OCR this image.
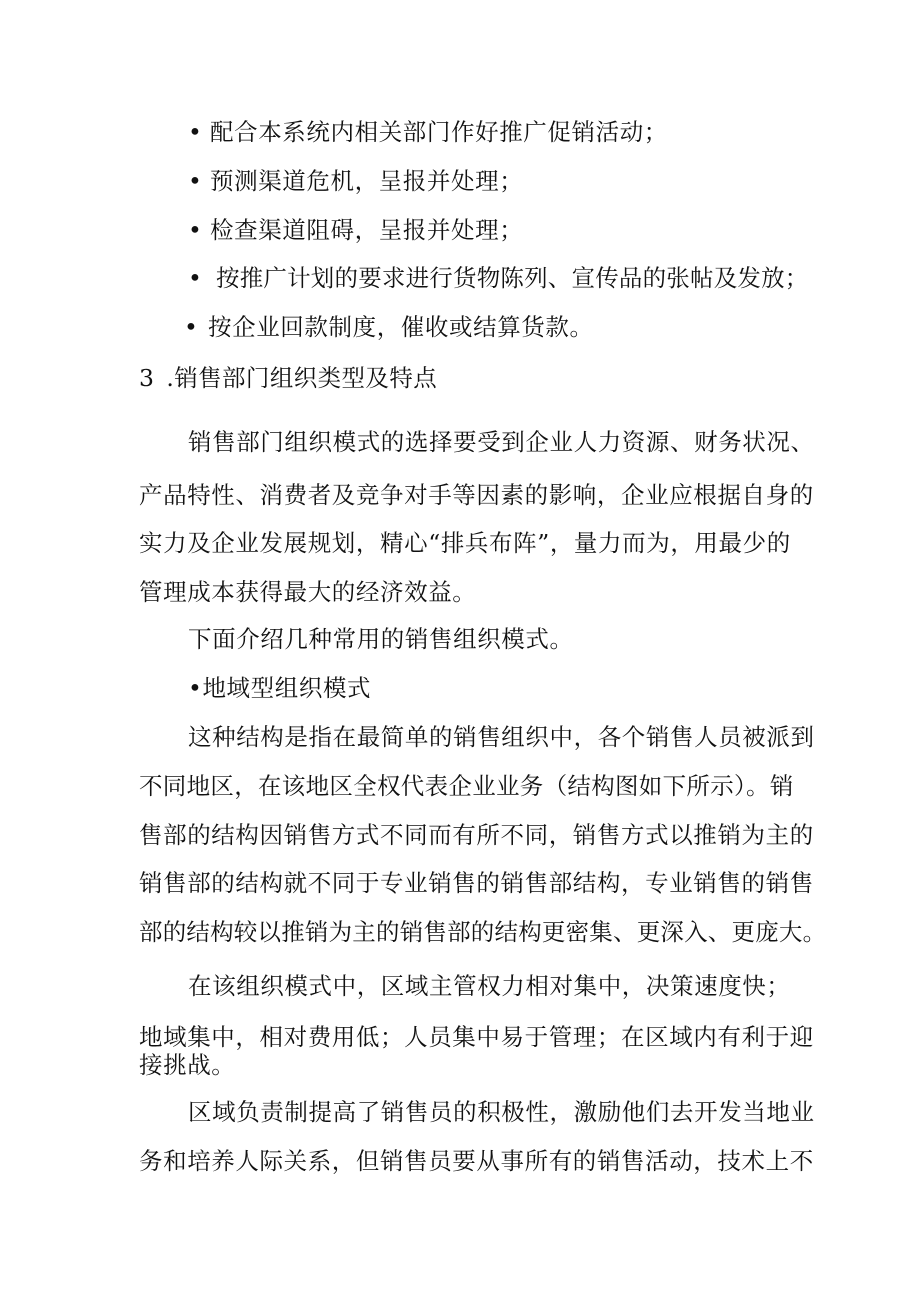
• 配合本系统内相关部门作好推广促销活动；
• 预测渠道危机，呈报并处理；
• 检查渠道阻碍，呈报并处理；
• 按推广计划的要求进行货物陈列、宣传品的张帖及发放；
• 按企业回款制度，催收或结算货款。
3 .销售部门组织类型及特点
销售部门组织模式的选择要受到企业人力资源、财务状况、
产品特性、消费者及竞争对手等因素的影响，企业应根据自身的
实力及企业发展规划，精心“排兵布阵”，量力而为，用最少的
管理成本获得最大的经济效益。
下面介绍几种常用的销售组织模式。
•地域型组织模式
这种结构是指在最简单的销售组织中，各个销售人员被派到
不同地区，在该地区全权代表企业业务（结构图如下所示）。销
售部的结构因销售方式不同而有所不同，销售方式以推销为主的
销售部的结构就不同于专业销售的销售部结构，专业销售的销售
部的结构较以推销为主的销售部的结构更密集、更深入、更庞大。
在该组织模式中，区域主管权力相对集中，决策速度快；
地域集中，相对费用低；人员集中易于管理；在区域内有利于迎
接挑战。
区域负责制提高了销售员的积极性，激励他们去开发当地业
务和培养人际关系，但销售员要从事所有的销售活动，技术上不
